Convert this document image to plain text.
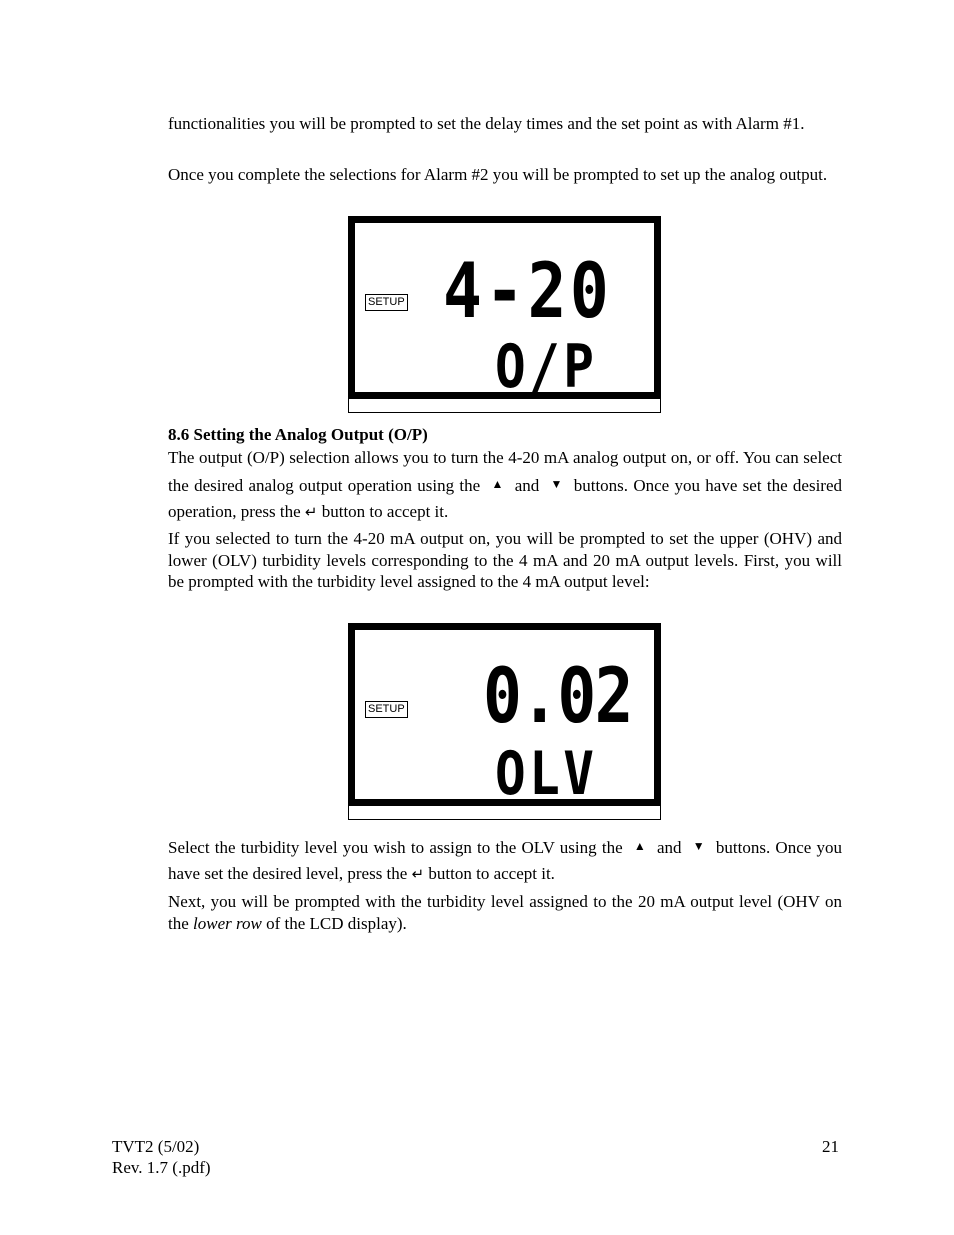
functionalities you will be prompted to set the delay times and the set point as with Alarm #1.

Once you complete the selections for Alarm #2 you will be prompted to set up the analog output.

SETUP 4-20
O/P
8.6 Setting the Analog Output (O/P)

The output (O/P) selection allows you to turn the 4-20 mA analog output on, or off. You can select the desired analog output operation using the ▲ and ▼ buttons. Once you have set the desired operation, press the ↵ button to accept it.

If you selected to turn the 4-20 mA output on, you will be prompted to set the upper (OHV) and lower (OLV) turbidity levels corresponding to the 4 mA and 20 mA output levels. First, you will be prompted with the turbidity level assigned to the 4 mA output level:

SETUP 0.02
OLV

Select the turbidity level you wish to assign to the OLV using the ▲ and ▼ buttons. Once you have set the desired level, press the ↵ button to accept it.

Next, you will be prompted with the turbidity level assigned to the 20 mA output level (OHV on the lower row of the LCD display).

TVT2 (5/02)
Rev. 1.7 (.pdf)
21
